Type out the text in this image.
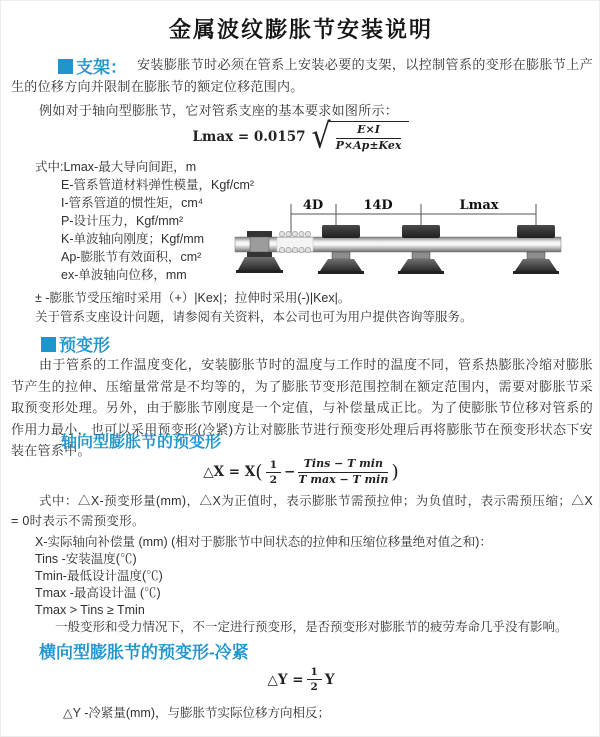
金属波纹膨胀节安装说明
支架： 安装膨胀节时必须在管系上安装必要的支架，以控制管系的变形在膨胀节上产生的位移方向并限制在膨胀节的额定位移范围内。
例如对于轴向型膨胀节，它对管系支座的基本要求如图所示：
Lmax = 0.0157 √ $\frac{E\times I}{\text{P×Ap±Kex}}$
式中:Lmax-最大导向间距，m
E-管系管道材料弹性模量，Kgf/cm²
I-管系管道的惯性矩，cm⁴
P-设计压力，Kgf/mm²
K-单波轴向刚度；Kgf/mm
Ap-膨胀节有效面积，cm²
ex-单波轴向位移，mm
± -膨胀节受压缩时采用（+）|Kex|；拉伸时采用(-)|Kex|。
关于管系支座设计问题，请参阅有关资料，本公司也可为用户提供咨询等服务。
4D	14D	Lmax
预变形
由于管系的工作温度变化，安装膨胀节时的温度与工作时的温度不同，管系热膨胀冷缩对膨胀节产生的拉伸、压缩量常常是不均等的，为了膨胀节变形范围控制在额定范围内，需要对膨胀节采取预变形处理。另外，由于膨胀节刚度是一个定值，与补偿量成正比。为了使膨胀节位移对管系的作用力最小，也可以采用预变形(冷紧)方让对膨胀节进行预变形处理后再将膨胀节在预变形状态下安装在管系中。
轴向型膨胀节的预变形
△X = X ( $\frac{1}{2} - \frac{\text{Tins − T min}}{\text{T max − T min}}$ )
式中：△X-预变形量(mm)，△X为正值时，表示膨胀节需预拉伸；为负值时，表示需预压缩；△X = 0时表示不需预变形。
X-实际轴向补偿量 (mm) (相对于膨胀节中间状态的拉伸和压缩位移量绝对值之和)：
Tins -安装温度(℃)
Tmin-最低设计温度(℃)
Tmax -最高设计温 (℃)
Tmax > Tins ≥ Tmin
一般变形和受力情况下，不一定进行预变形，是否预变形对膨胀节的疲劳寿命几乎没有影响。
横向型膨胀节的预变形-冷紧
△Y = $\frac{1}{2}$ Y
△Y -冷紧量(mm)，与膨胀节实际位移方向相反；
